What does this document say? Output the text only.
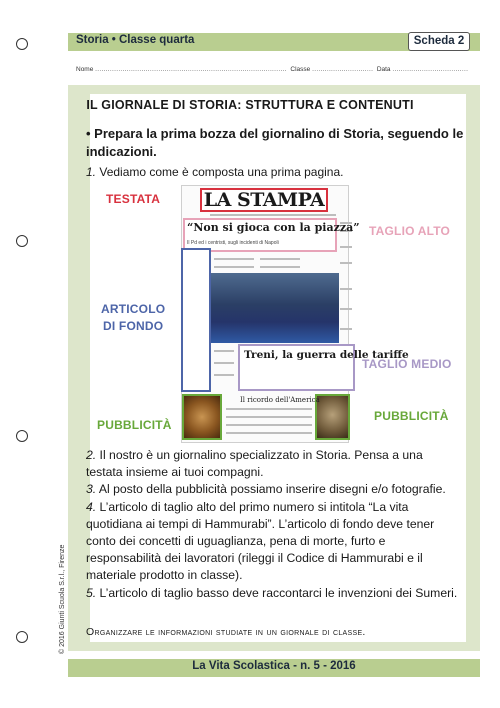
Storia • Classe quarta	Scheda 2
Nome ........................................................................................... Classe ............................. Data ....................................
IL GIORNALE DI STORIA: STRUTTURA E CONTENUTI
• Prepara la prima bozza del giornalino di Storia, seguendo le indicazioni.
1. Vediamo come è composta una prima pagina.
LA STAMPA
“Non si gioca con la piazza”
Il Pd ed i centristi, sugli incidenti di Napoli
Treni, la guerra delle tariffe
Il ricordo dell'America
TESTATA
TAGLIO ALTO
ARTICOLO
DI FONDO
TAGLIO MEDIO
PUBBLICITÀ
PUBBLICITÀ
2. Il nostro è un giornalino specializzato in Storia. Pensa a una testata insieme ai tuoi compagni.
3. Al posto della pubblicità possiamo inserire disegni e/o fotografie.
4. L’articolo di taglio alto del primo numero si intitola “La vita quotidiana ai tempi di Hammurabi”. L’articolo di fondo deve tener conto dei concetti di uguaglianza, pena di morte, furto e responsabilità dei lavoratori (rileggi il Codice di Hammurabi e il materiale prodotto in classe).
5. L’articolo di taglio basso deve raccontarci le invenzioni dei Sumeri.
Organizzare le informazioni studiate in un giornale di classe.
© 2016 Giunti Scuola S.r.l., Firenze
La Vita Scolastica - n. 5 - 2016
